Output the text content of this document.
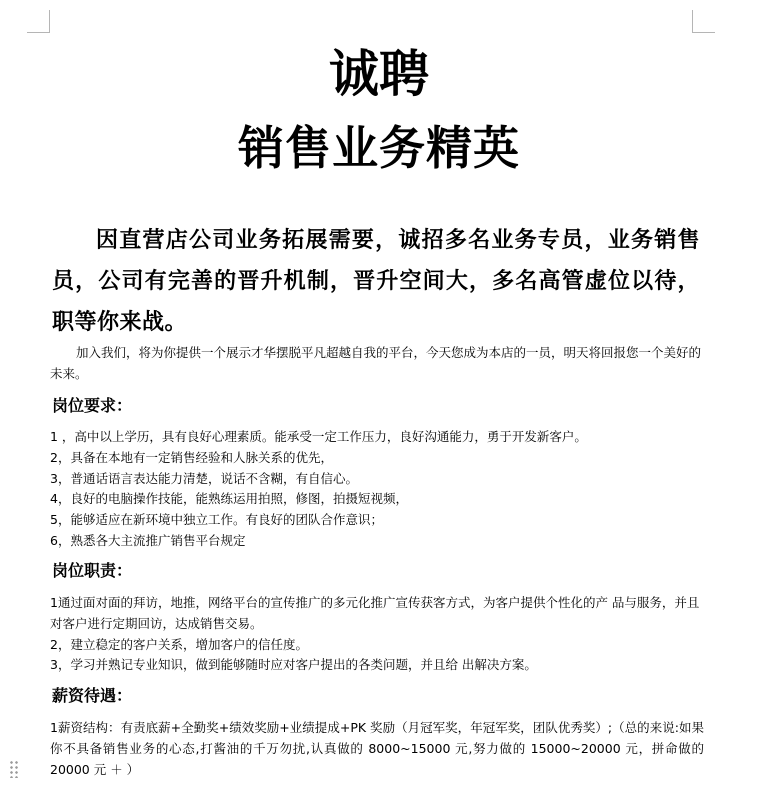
诚聘
销售业务精英

因直营店公司业务拓展需要，诚招多名业务专员，业务销售员，公司有完善的晋升机制，晋升空间大，多名高管虚位以待，职等你来战。

加入我们，将为你提供一个展示才华摆脱平凡超越自我的平台，今天您成为本店的一员，明天将回报您一个美好的未来。

岗位要求：
1 ，高中以上学历，具有良好心理素质。能承受一定工作压力，良好沟通能力，勇于开发新客户。
2，具备在本地有一定销售经验和人脉关系的优先，
3，普通话语言表达能力清楚，说话不含糊，有自信心。
4，良好的电脑操作技能，能熟练运用拍照，修图，拍摄短视频，
5，能够适应在新环境中独立工作。有良好的团队合作意识；
6，熟悉各大主流推广销售平台规定
岗位职责：
1通过面对面的拜访，地推，网络平台的宣传推广的多元化推广宣传获客方式，为客户提供个性化的产 品与服务，并且对客户进行定期回访，达成销售交易。
2，建立稳定的客户关系，增加客户的信任度。
3，学习并熟记专业知识，做到能够随时应对客户提出的各类问题，并且给 出解决方案。
薪资待遇：

1薪资结构：有责底薪+全勤奖+绩效奖励+业绩提成+PK 奖励（月冠军奖，年冠军奖，团队优秀奖）;（总的来说:如果你不具备销售业务的心态,打酱油的千万勿扰,认真做的 8000~15000 元,努力做的 15000~20000 元，拼命做的 20000 元 ＋ ）
